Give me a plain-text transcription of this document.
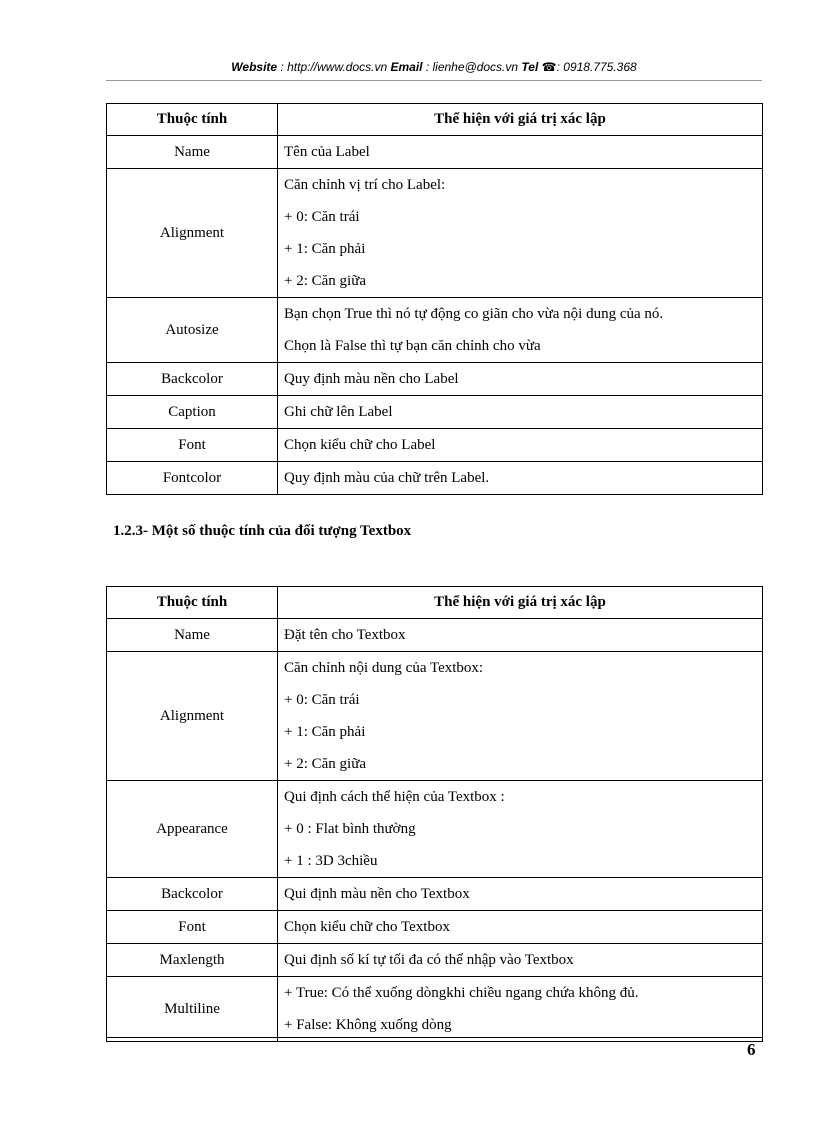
Website : http://www.docs.vn Email : lienhe@docs.vn Tel ☎: 0918.775.368
Thuộc tính	Thể hiện với giá trị xác lập
Name	Tên của Label

Alignment	Căn chỉnh vị trí cho Label:
+ 0: Căn trái
+ 1: Căn phải
+ 2: Căn giữa

Autosize	Bạn chọn True thì nó tự động co giãn cho vừa nội dung của nó.
Chọn là False thì tự bạn căn chỉnh cho vừa

Backcolor	Quy định màu nền cho Label

Caption	Ghi chữ lên Label

Font	Chọn kiểu chữ cho Label

Fontcolor	Quy định màu của chữ trên Label.
1.2.3- Một số thuộc tính của đối tượng Textbox
Thuộc tính	Thể hiện với giá trị xác lập
Name	Đặt tên cho Textbox

Alignment	Căn chỉnh nội dung của Textbox:
+ 0: Căn trái
+ 1: Căn phải
+ 2: Căn giữa

Appearance	Qui định cách thể hiện của Textbox :
+ 0 : Flat bình thường
+ 1 : 3D 3chiều

Backcolor	Qui định màu nền cho Textbox

Font	Chọn kiểu chữ cho Textbox

Maxlength	Qui định số kí tự tối đa có thể nhập vào Textbox

Multiline	+ True: Có thể xuống dòngkhi chiều ngang chứa không đủ.
+ False: Không xuống dòng
6
